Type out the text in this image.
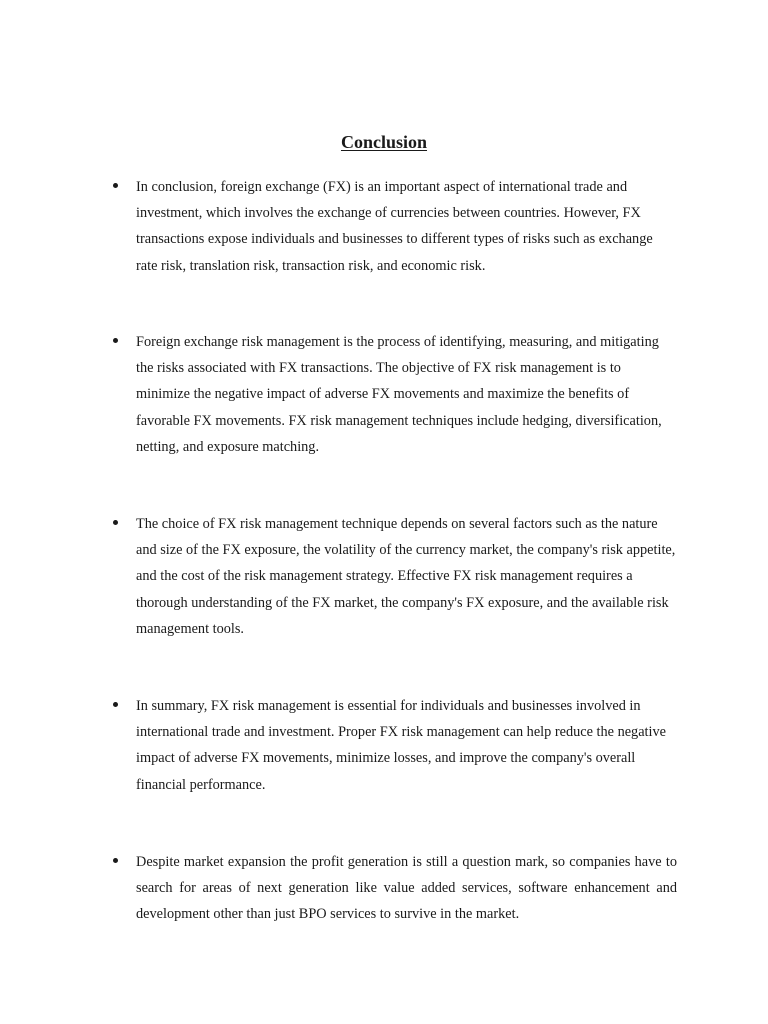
Conclusion

In conclusion, foreign exchange (FX) is an important aspect of international trade and investment, which involves the exchange of currencies between countries. However, FX transactions expose individuals and businesses to different types of risks such as exchange rate risk, translation risk, transaction risk, and economic risk.

Foreign exchange risk management is the process of identifying, measuring, and mitigating the risks associated with FX transactions. The objective of FX risk management is to minimize the negative impact of adverse FX movements and maximize the benefits of favorable FX movements. FX risk management techniques include hedging, diversification, netting, and exposure matching.

The choice of FX risk management technique depends on several factors such as the nature and size of the FX exposure, the volatility of the currency market, the company's risk appetite, and the cost of the risk management strategy. Effective FX risk management requires a thorough understanding of the FX market, the company's FX exposure, and the available risk management tools.

In summary, FX risk management is essential for individuals and businesses involved in international trade and investment. Proper FX risk management can help reduce the negative impact of adverse FX movements, minimize losses, and improve the company's overall financial performance.

Despite market expansion the profit generation is still a question mark, so companies have to search for areas of next generation like value added services, software enhancement and development other than just BPO services to survive in the market.
